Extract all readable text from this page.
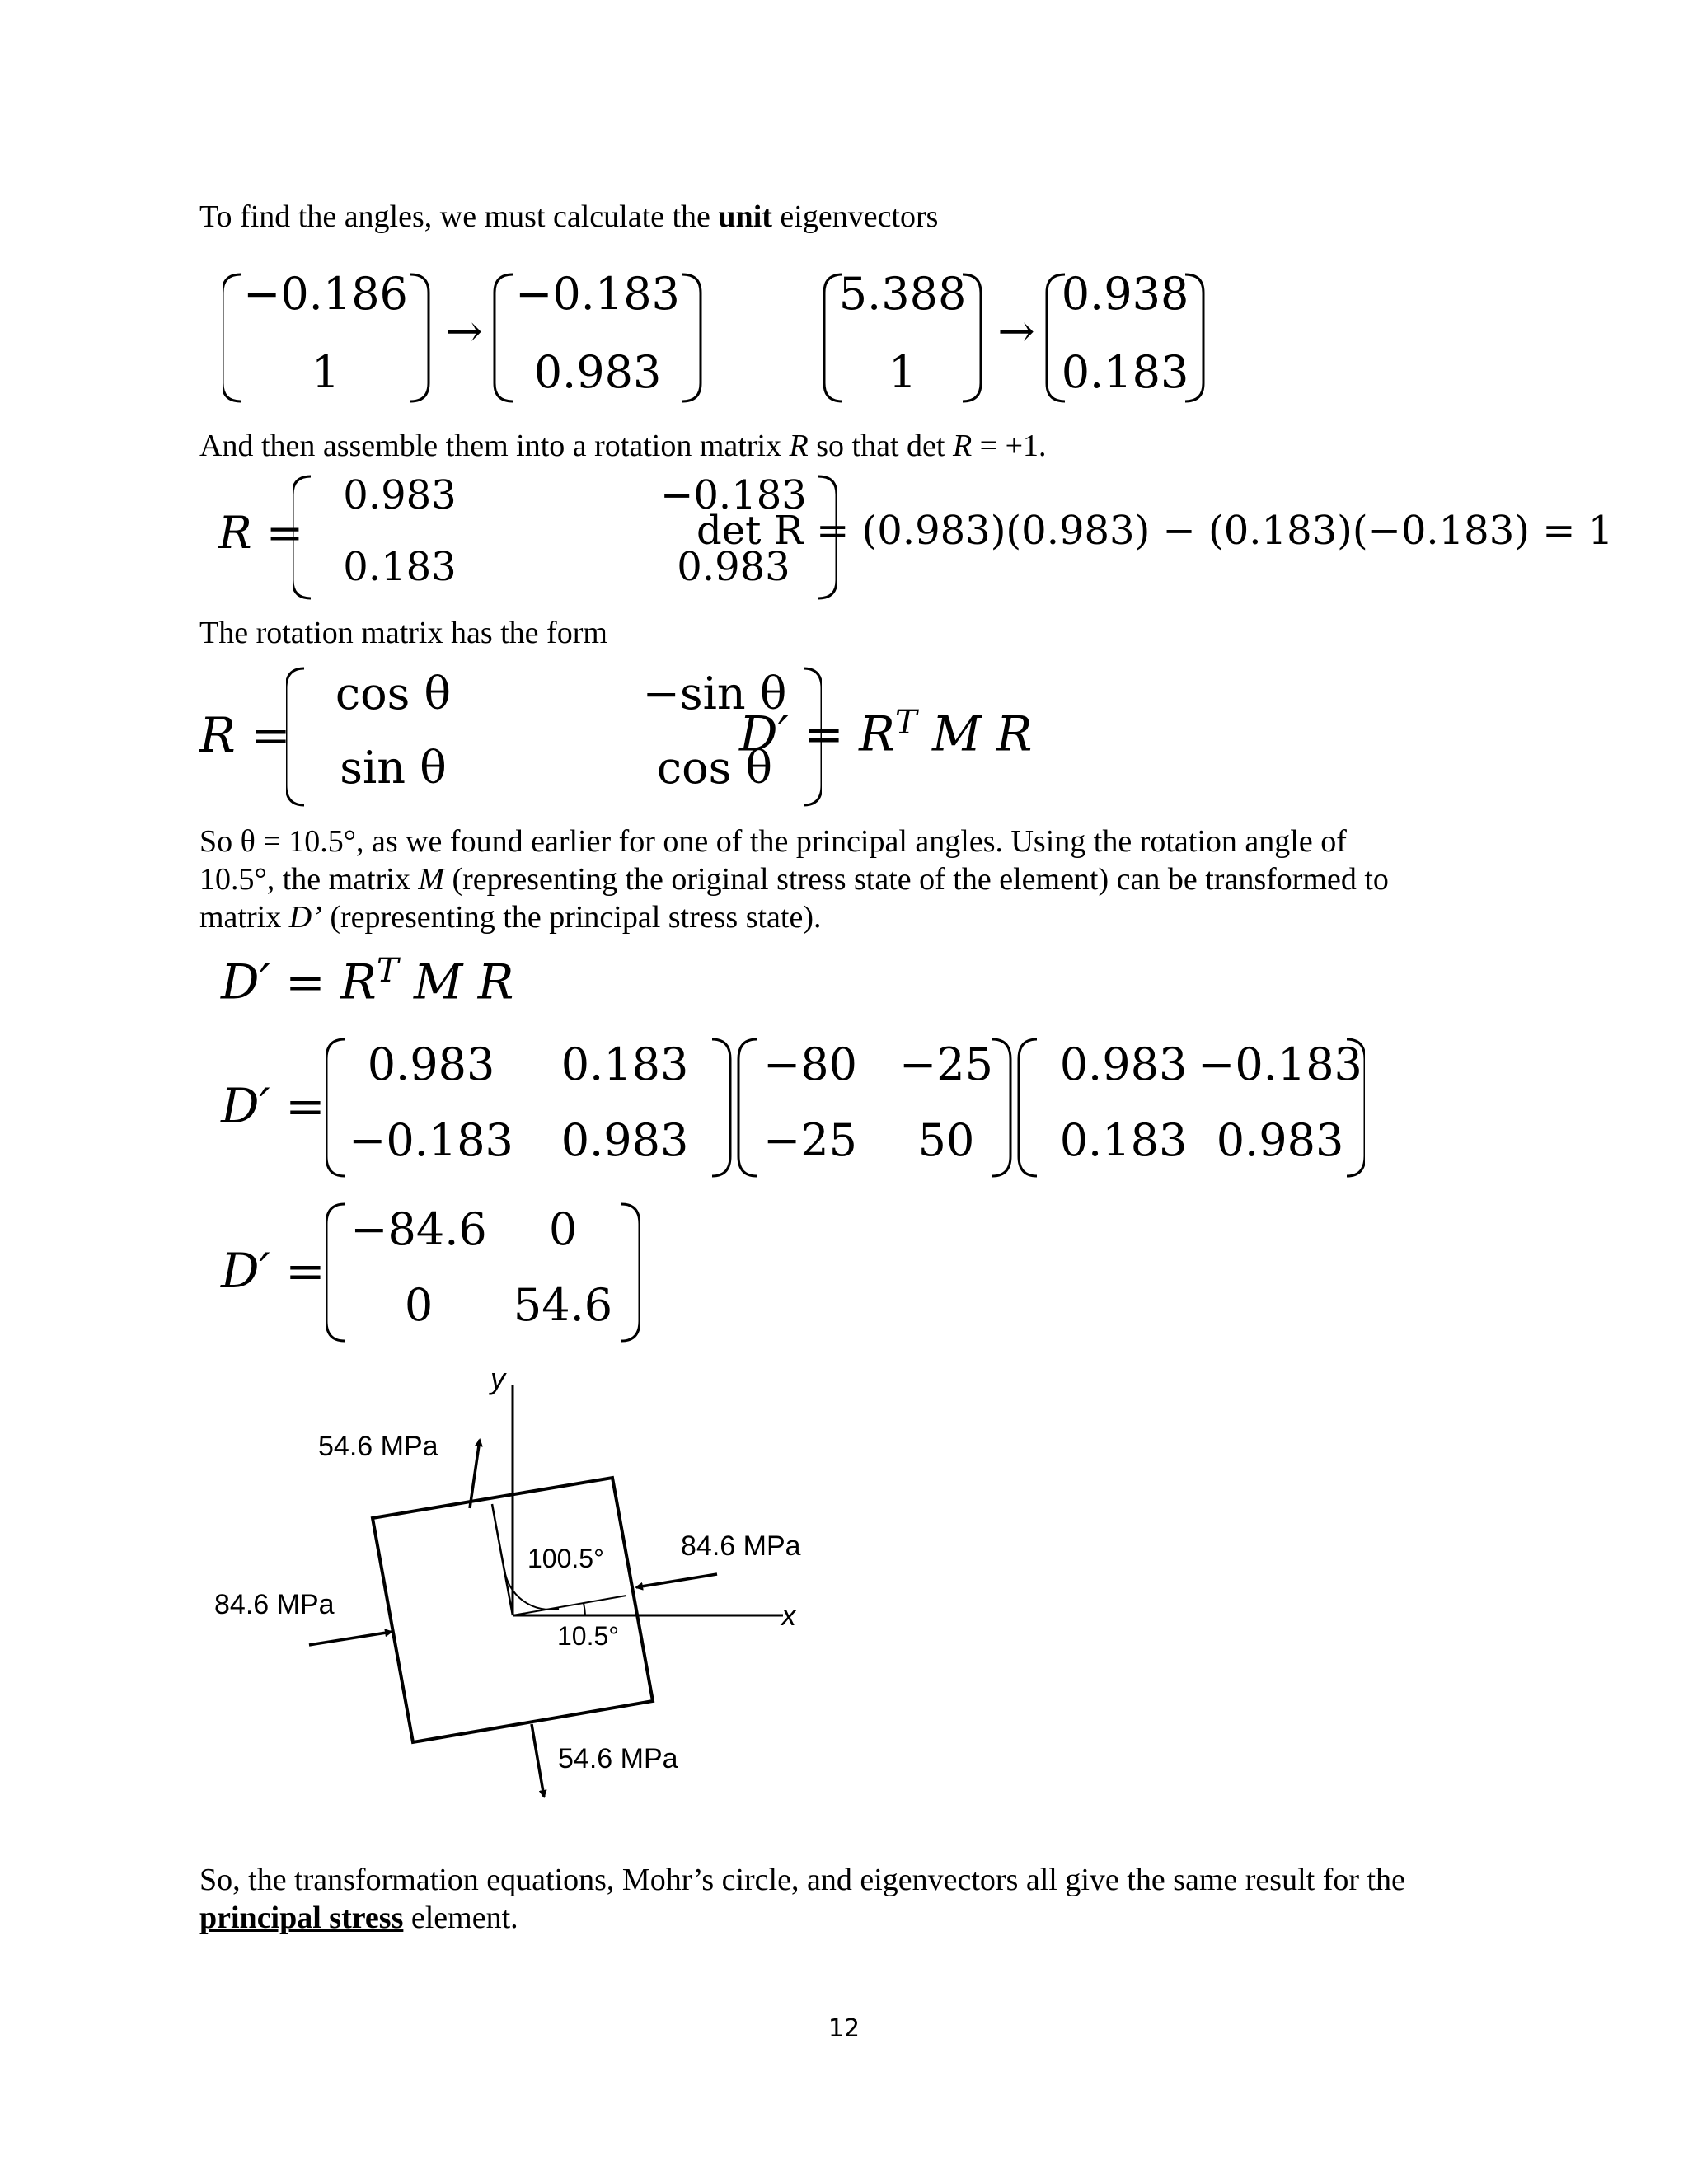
To find the angles, we must calculate the unit eigenvectors
−0.186
1
→
−0.183
0.983
5.388
1
→
0.938
0.183
And then assemble them into a rotation matrix R so that det R = +1.
R =
0.983	−0.183
0.183	0.983
det R = (0.983)(0.983) − (0.183)(−0.183) = 1
The rotation matrix has the form
R =
cos θ	−sin θ
sin θ	cos θ
$D' = R^T$ M R
So θ = 10.5°, as we found earlier for one of the principal angles. Using the rotation angle of
10.5°, the matrix M (representing the original stress state of the element) can be transformed to
matrix D’ (representing the principal stress state).
$D' = R^T$ M R
D′ =
0.983	0.183
−0.183	0.983
−80 −25
−25	50
0.983 −0.183
0.183 0.983
D′ =
−84.6	0
0	54.6
y
x
54.6 MPa
84.6 MPa
84.6 MPa
54.6 MPa
100.5°
10.5°
So, the transformation equations, Mohr’s circle, and eigenvectors all give the same result for the
principal stress element.
12
